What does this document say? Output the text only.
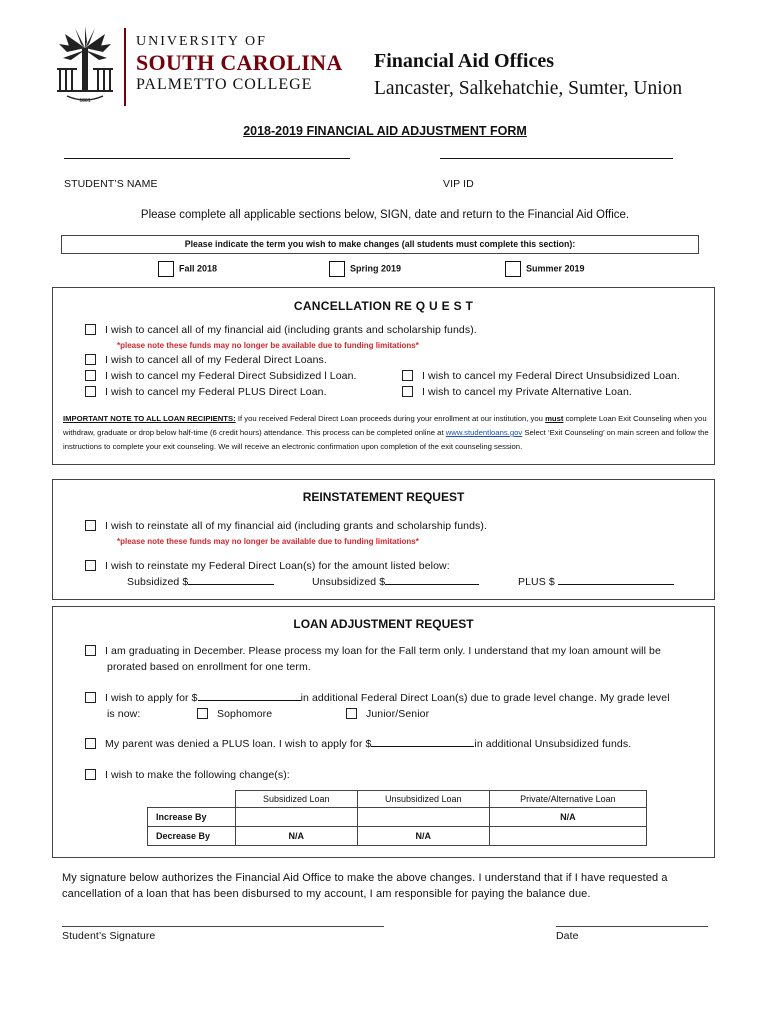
1801
UNIVERSITY OF
SOUTH CAROLINA
PALMETTO COLLEGE
Financial Aid Offices
Lancaster, Salkehatchie, Sumter, Union
2018-2019 FINANCIAL AID ADJUSTMENT FORM
STUDENT’S NAME	VIP ID
Please complete all applicable sections below, SIGN, date and return to the Financial Aid Office.
Please indicate the term you wish to make changes (all students must complete this section):
Fall 2018	Spring 2019	Summer 2019
CANCELLATION RE Q U E S T
I wish to cancel all of my financial aid (including grants and scholarship funds).
*please note these funds may no longer be available due to funding limitations*
I wish to cancel all of my Federal Direct Loans.
I wish to cancel my Federal Direct Subsidized l Loan.
I wish to cancel my Federal PLUS Direct Loan.
I wish to cancel my Federal Direct Unsubsidized Loan.
I wish to cancel my Private Alternative Loan.
IMPORTANT NOTE TO ALL LOAN RECIPIENTS: If you received Federal Direct Loan proceeds during your enrollment at our institution, you must complete Loan Exit Counseling when you withdraw, graduate or drop below half-time (6 credit hours) attendance. This process can be completed online at www.studentloans.gov Select ‘Exit Counseling’ on main screen and follow the instructions to complete your exit counseling. We will receive an electronic confirmation upon completion of the exit counseling session.
REINSTATEMENT REQUEST
I wish to reinstate all of my financial aid (including grants and scholarship funds).
*please note these funds may no longer be available due to funding limitations*
I wish to reinstate my Federal Direct Loan(s) for the amount listed below:
Subsidized $	Unsubsidized $	PLUS $
LOAN ADJUSTMENT REQUEST
I am graduating in December. Please process my loan for the Fall term only. I understand that my loan amount will be
prorated based on enrollment for one term.
I wish to apply for $	in additional Federal Direct Loan(s) due to grade level change. My grade level
is now:	Sophomore	Junior/Senior
My parent was denied a PLUS loan. I wish to apply for $	in additional Unsubsidized funds.
I wish to make the following change(s):
	Subsidized Loan	Unsubsidized Loan	Private/Alternative Loan
Increase By			N/A
Decrease By	N/A	N/A	
My signature below authorizes the Financial Aid Office to make the above changes. I understand that if I have requested a
cancellation of a loan that has been disbursed to my account, I am responsible for paying the balance due.
Student’s Signature	Date
